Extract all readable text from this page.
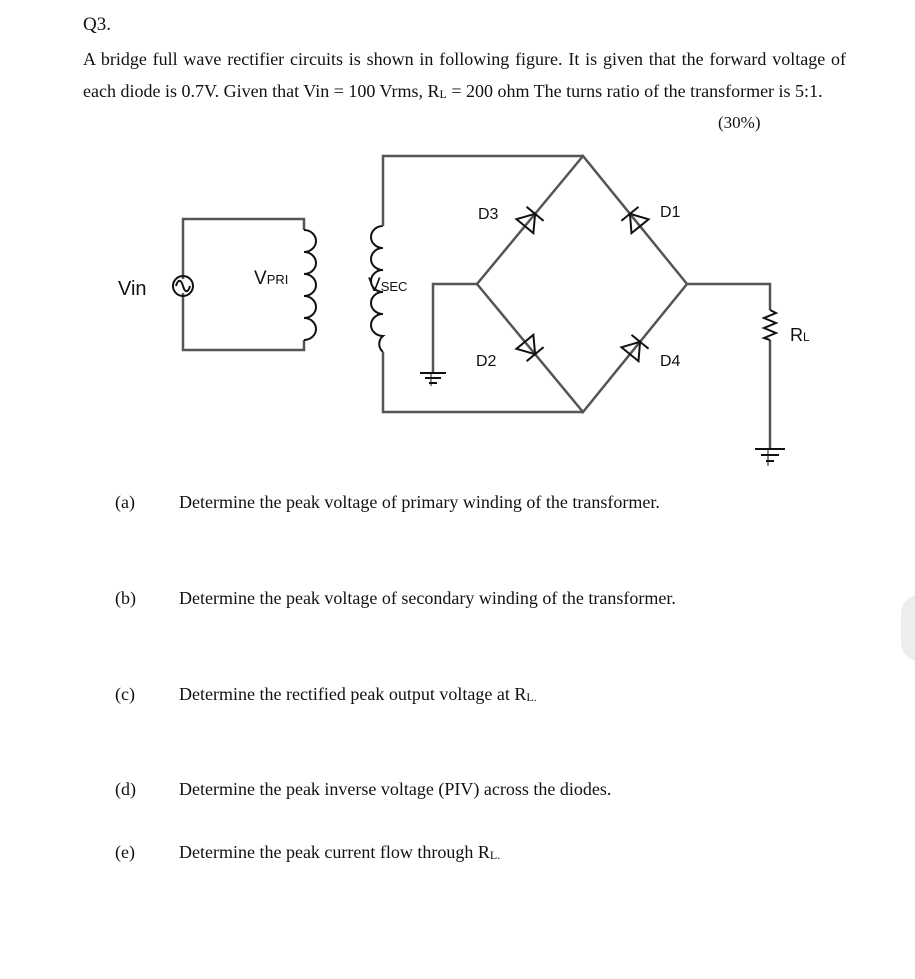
Q3.
A bridge full wave rectifier circuits is shown in following figure. It is given that the forward voltage of each diode is 0.7V. Given that Vin = 100 Vrms, $R_L = 200$ ohm The turns ratio of the transformer is 5:1.
(30%)
Vin	VPRI	VSEC
D3	D1
D2	D4
RL
(a)	Determine the peak voltage of primary winding of the transformer.
(b)	Determine the peak voltage of secondary winding of the transformer.
(c)	Determine the rectified peak output voltage at $R_{L.}$
(d)	Determine the peak inverse voltage (PIV) across the diodes.
(e)	Determine the peak current flow through $R_{L.}$
